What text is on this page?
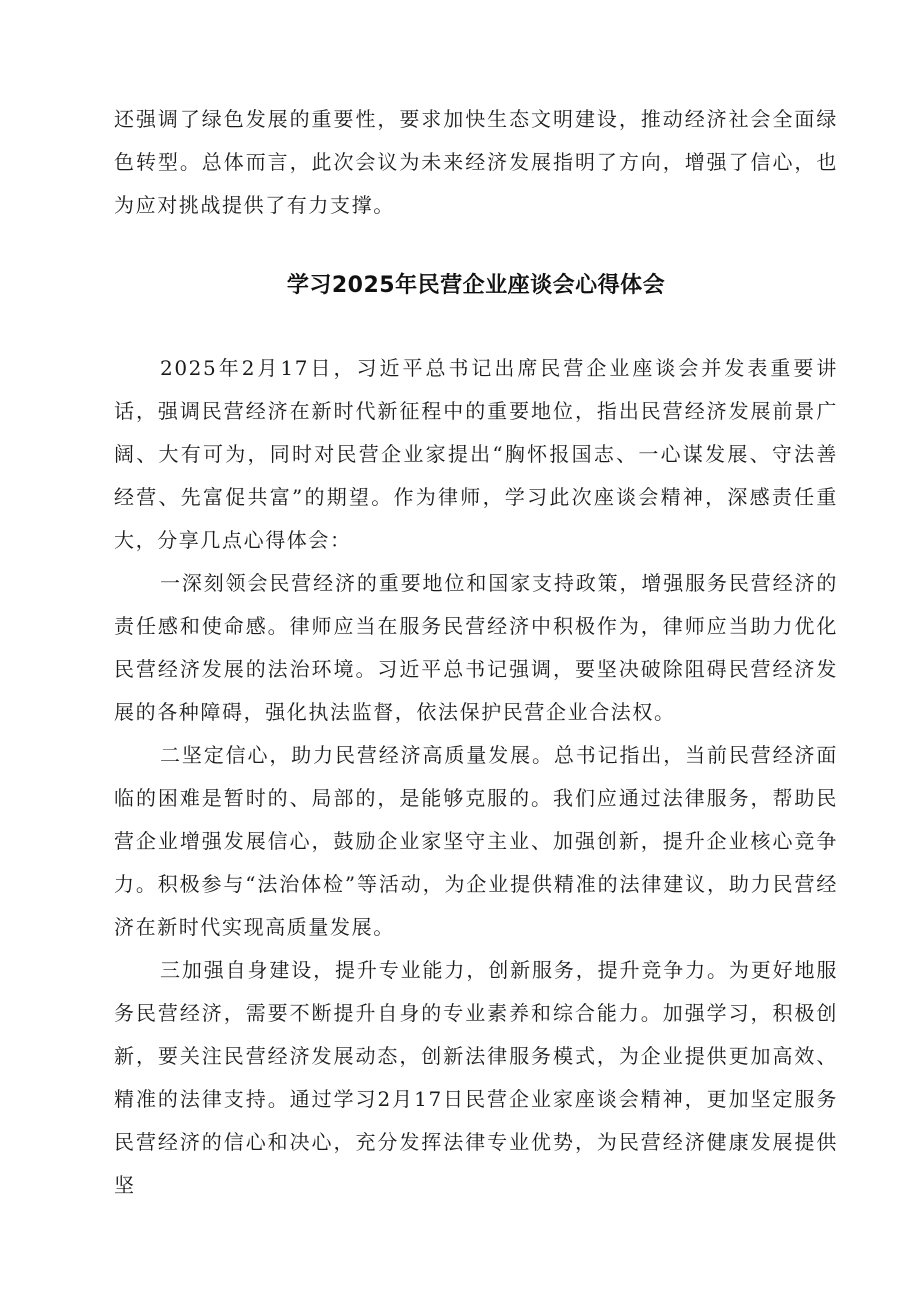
还强调了绿色发展的重要性，要求加快生态文明建设，推动经济社会全面绿色转型。总体而言，此次会议为未来经济发展指明了方向，增强了信心，也为应对挑战提供了有力支撑。

学习2025年民营企业座谈会心得体会

2025年2月17日，习近平总书记出席民营企业座谈会并发表重要讲话，强调民营经济在新时代新征程中的重要地位，指出民营经济发展前景广阔、大有可为，同时对民营企业家提出“胸怀报国志、一心谋发展、守法善经营、先富促共富”的期望。作为律师，学习此次座谈会精神，深感责任重大，分享几点心得体会：

一深刻领会民营经济的重要地位和国家支持政策，增强服务民营经济的责任感和使命感。律师应当在服务民营经济中积极作为，律师应当助力优化民营经济发展的法治环境。习近平总书记强调，要坚决破除阻碍民营经济发展的各种障碍，强化执法监督，依法保护民营企业合法权。

二坚定信心，助力民营经济高质量发展。总书记指出，当前民营经济面临的困难是暂时的、局部的，是能够克服的。我们应通过法律服务，帮助民营企业增强发展信心，鼓励企业家坚守主业、加强创新，提升企业核心竞争力。积极参与“法治体检”等活动，为企业提供精准的法律建议，助力民营经济在新时代实现高质量发展。

三加强自身建设，提升专业能力，创新服务，提升竞争力。为更好地服务民营经济，需要不断提升自身的专业素养和综合能力。加强学习，积极创新，要关注民营经济发展动态，创新法律服务模式，为企业提供更加高效、精准的法律支持。通过学习2月17日民营企业家座谈会精神，更加坚定服务民营经济的信心和决心，充分发挥法律专业优势，为民营经济健康发展提供坚
